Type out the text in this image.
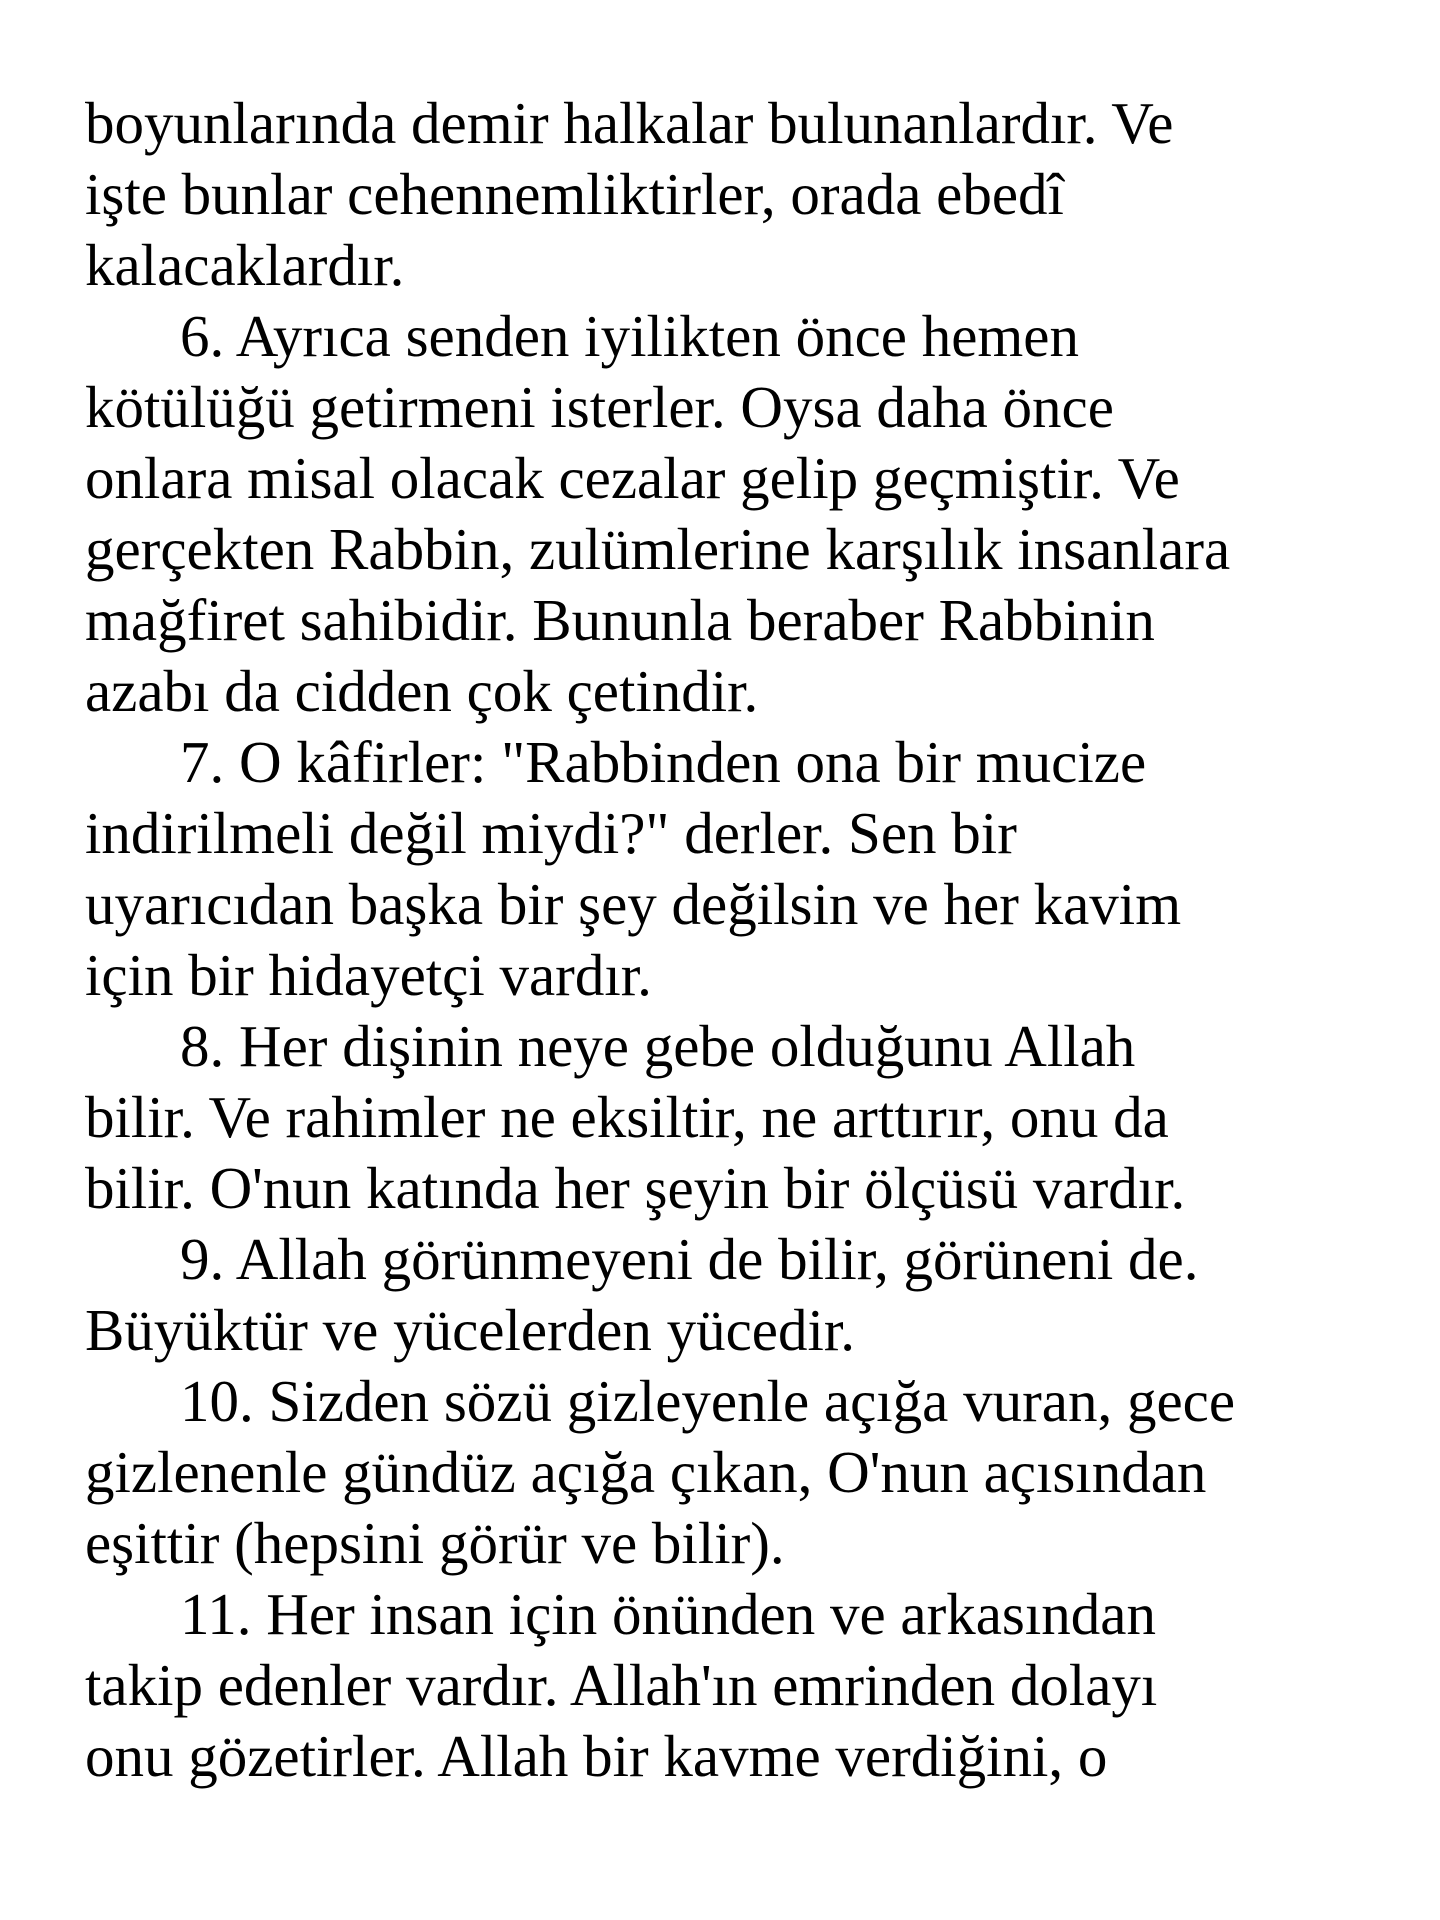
boyunlarında demir halkalar bulunanlardır. Ve
işte bunlar cehennemliktirler, orada ebedî
kalacaklardır.

6. Ayrıca senden iyilikten önce hemen
kötülüğü getirmeni isterler. Oysa daha önce
onlara misal olacak cezalar gelip geçmiştir. Ve
gerçekten Rabbin, zulümlerine karşılık insanlara
mağfiret sahibidir. Bununla beraber Rabbinin
azabı da cidden çok çetindir.

7. O kâfirler: "Rabbinden ona bir mucize
indirilmeli değil miydi?" derler. Sen bir
uyarıcıdan başka bir şey değilsin ve her kavim
için bir hidayetçi vardır.

8. Her dişinin neye gebe olduğunu Allah
bilir. Ve rahimler ne eksiltir, ne arttırır, onu da
bilir. O'nun katında her şeyin bir ölçüsü vardır.

9. Allah görünmeyeni de bilir, görüneni de.
Büyüktür ve yücelerden yücedir.

10. Sizden sözü gizleyenle açığa vuran, gece
gizlenenle gündüz açığa çıkan, O'nun açısından
eşittir (hepsini görür ve bilir).

11. Her insan için önünden ve arkasından
takip edenler vardır. Allah'ın emrinden dolayı
onu gözetirler. Allah bir kavme verdiğini, o
